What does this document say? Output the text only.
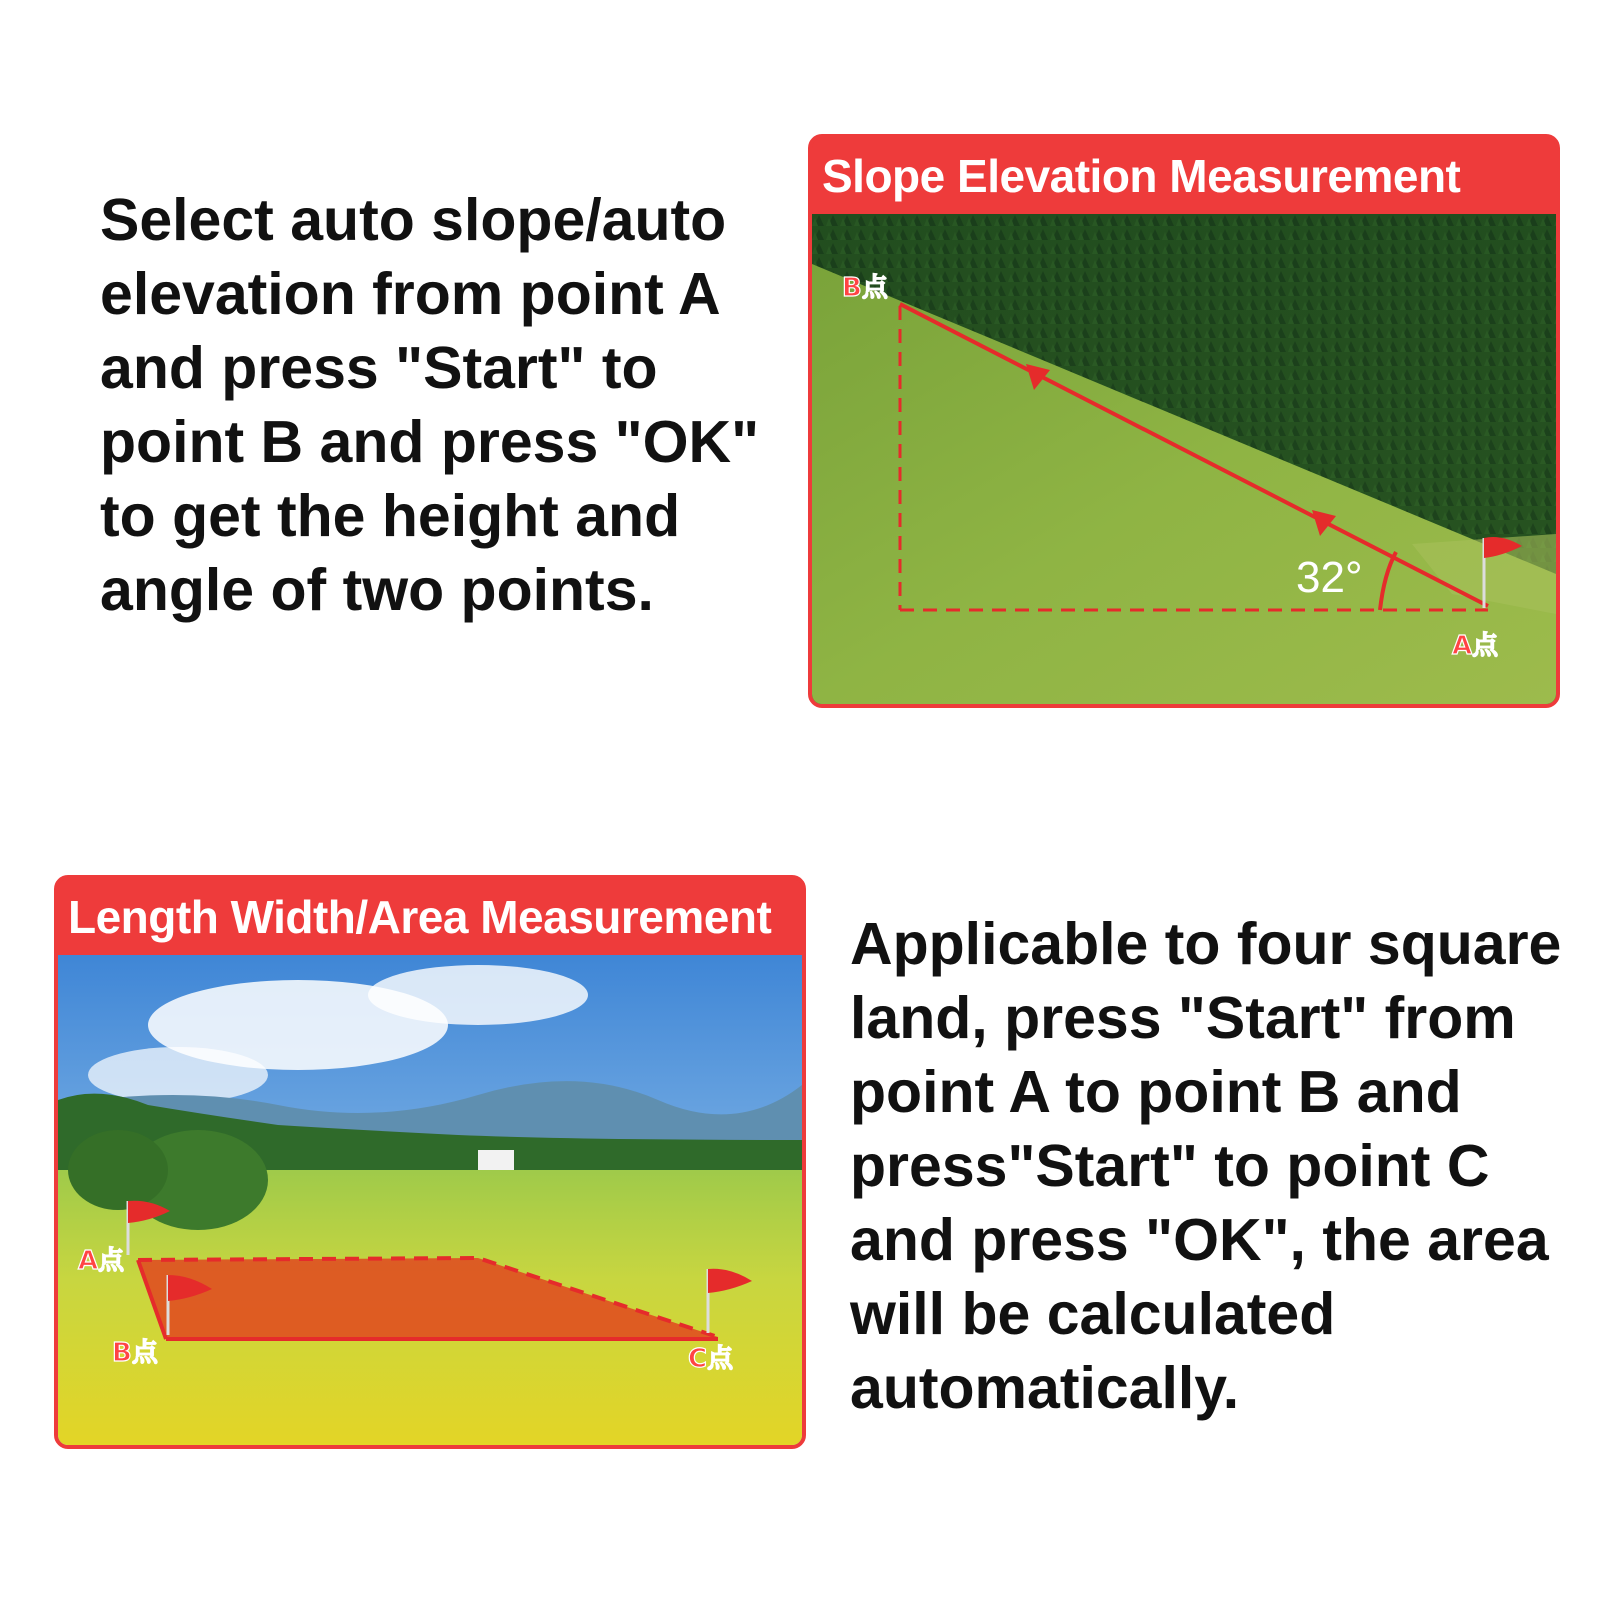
Select auto slope/auto
elevation from point A
and press "Start" to
point B and press "OK"
to get the height and
angle of two points.

Slope Elevation Measurement
32°
B点
A点
Length Width/Area Measurement
A点
B点	C点

Applicable to four square
land, press "Start" from
point A to point B and
press"Start" to point C
and press "OK", the area
will be calculated
automatically.
